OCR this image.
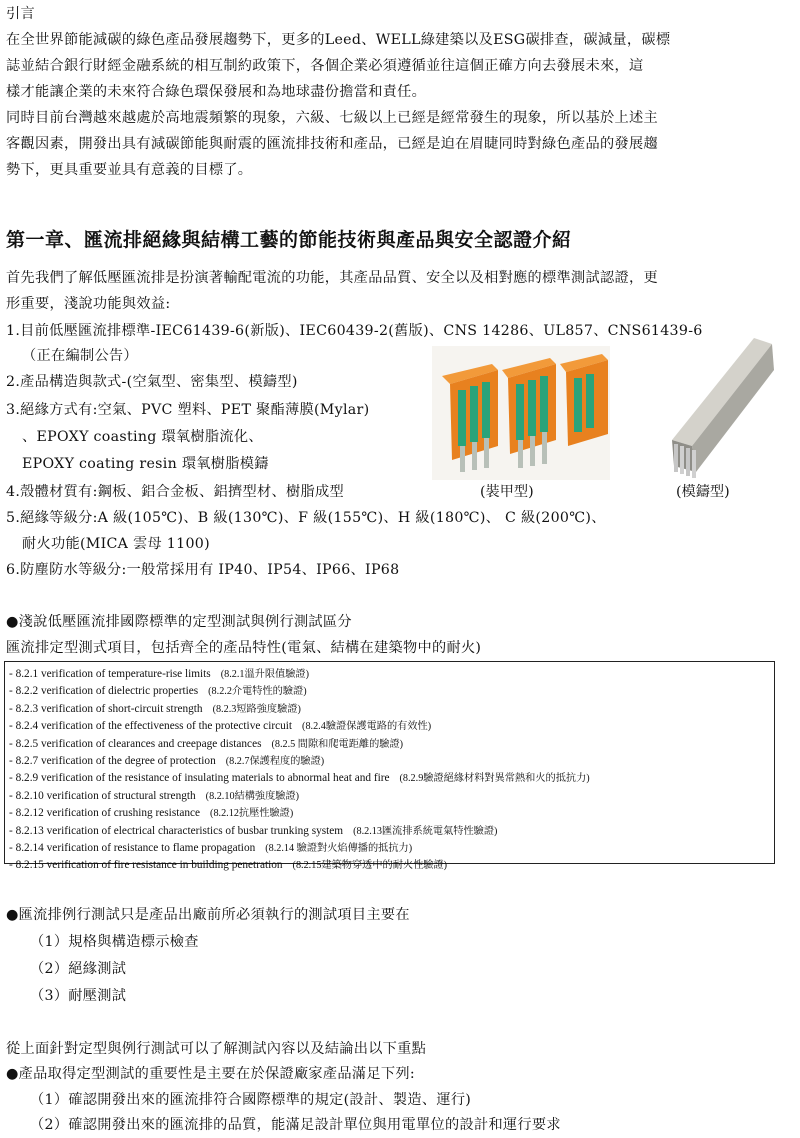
引言
在全世界節能減碳的綠色產品發展趨勢下，更多的Leed、WELL綠建築以及ESG碳排查，碳減量，碳標
誌並結合銀行財經金融系統的相互制約政策下，各個企業必須遵循並往這個正確方向去發展未來，這
樣才能讓企業的未來符合綠色環保發展和為地球盡份擔當和責任。
同時目前台灣越來越處於高地震頻繁的現象，六級、七級以上已經是經常發生的現象，所以基於上述主
客觀因素，開發出具有減碳節能與耐震的匯流排技術和產品，已經是迫在眉睫同時對綠色產品的發展趨
勢下，更具重要並具有意義的目標了。
第一章、匯流排絕緣與結構工藝的節能技術與產品與安全認證介紹
首先我們了解低壓匯流排是扮演著輸配電流的功能，其產品品質、安全以及相對應的標準測試認證，更
形重要，淺說功能與效益:
1.目前低壓匯流排標準-IEC61439-6(新版)、IEC60439-2(舊版)、CNS 14286、UL857、CNS61439-6
（正在編制公告）
2.產品構造與款式-(空氣型、密集型、模鑄型)
3.絕緣方式有:空氣、PVC 塑料、PET 聚酯薄膜(Mylar)
、EPOXY coasting 環氧樹脂流化、
EPOXY coating resin 環氧樹脂模鑄
4.殼體材質有:鋼板、鋁合金板、鋁擠型材、樹脂成型
5.絕緣等級分:A 級(105℃)、B 級(130℃)、F 級(155℃)、H 級(180℃)、 C 級(200℃)、
耐火功能(MICA 雲母 1100)
6.防塵防水等級分:一般常採用有 IP40、IP54、IP66、IP68
(裝甲型)	(模鑄型)
●淺說低壓匯流排國際標準的定型測試與例行測試區分
匯流排定型測式項目，包括齊全的產品特性(電氣、結構在建築物中的耐火)
- 8.2.1 verification of temperature-rise limits (8.2.1溫升限值驗證)
- 8.2.2 verification of dielectric properties (8.2.2介電特性的驗證)
- 8.2.3 verification of short-circuit strength (8.2.3短路強度驗證)
- 8.2.4 verification of the effectiveness of the protective circuit (8.2.4驗證保護電路的有效性)
- 8.2.5 verification of clearances and creepage distances (8.2.5 間隙和爬電距離的驗證)
- 8.2.7 verification of the degree of protection (8.2.7保護程度的驗證)
- 8.2.9 verification of the resistance of insulating materials to abnormal heat and fire (8.2.9驗證絕緣材料對異常熱和火的抵抗力)
- 8.2.10 verification of structural strength (8.2.10結構強度驗證)
- 8.2.12 verification of crushing resistance (8.2.12抗壓性驗證)
- 8.2.13 verification of electrical characteristics of busbar trunking system (8.2.13匯流排系統電氣特性驗證)
- 8.2.14 verification of resistance to flame propagation (8.2.14 驗證對火焰傳播的抵抗力)
- 8.2.15 verification of fire resistance in building penetration (8.2.15建築物穿透中的耐火性驗證)
●匯流排例行測試只是產品出廠前所必須執行的測試項目主要在
（1）規格與構造標示檢查
（2）絕緣測試
（3）耐壓測試
從上面針對定型與例行測試可以了解測試內容以及結論出以下重點
●產品取得定型測試的重要性是主要在於保證廠家產品滿足下列:
（1）確認開發出來的匯流排符合國際標準的規定(設計、製造、運行)
（2）確認開發出來的匯流排的品質，能滿足設計單位與用電單位的設計和運行要求
